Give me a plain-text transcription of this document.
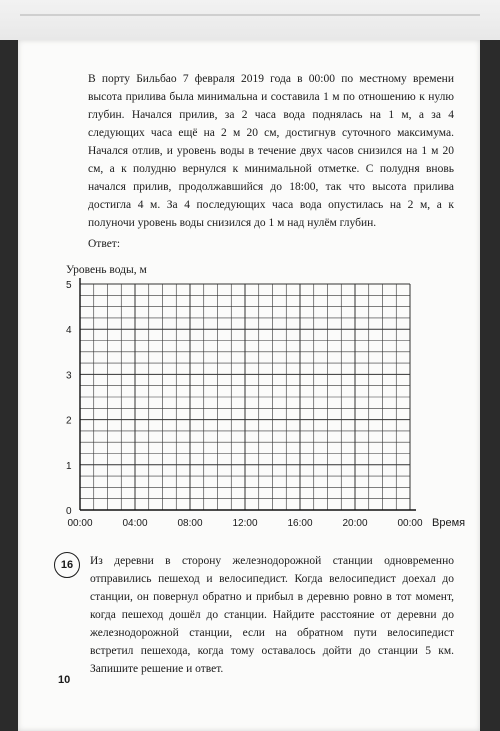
В порту Бильбао 7 февраля 2019 года в 00:00 по местному времени высота прилива была минимальна и составила 1 м по отношению к нулю глубин. Начался прилив, за 2 часа вода поднялась на 1 м, а за 4 следующих часа ещё на 2 м 20 см, достигнув суточного максимума. Начался отлив, и уровень воды в течение двух часов снизился на 1 м 20 см, а к полудню вернулся к минимальной отметке. С полудня вновь начался прилив, продолжавшийся до 18:00, так что высота прилива достигла 4 м. За 4 последующих часа вода опустилась на 2 м, а к полуночи уровень воды снизился до 1 м над нулём глубин.
Ответ:
Уровень воды, м
0
1
2
3
4
5
00:00	04:00	08:00	12:00	16:00	20:00	00:00 Время
16 Из деревни в сторону железнодорожной станции одновременно отправились пешеход и велосипедист. Когда велосипедист доехал до станции, он повернул обратно и прибыл в деревню ровно в тот момент, когда пешеход дошёл до станции. Найдите расстояние от деревни до железнодорожной станции, если на обратном пути велосипедист встретил пешехода, когда тому оставалось дойти до станции 5 км. Запишите решение и ответ.
10
